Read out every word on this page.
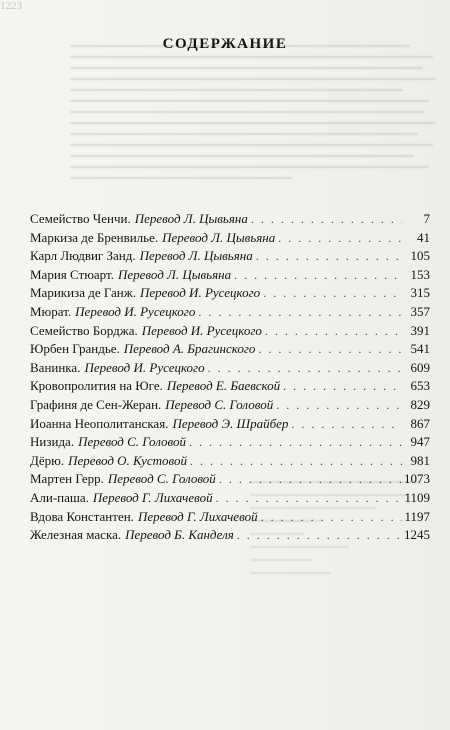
1223
СОДЕРЖАНИЕ
Семейство Ченчи. Перевод Л. Цывьяна . . .	7
Маркиза де Бренвилье. Перевод Л. Цывьяна . . .	41
Карл Людвиг Занд. Перевод Л. Цывьяна . . .	105
Мария Стюарт. Перевод Л. Цывьяна . . .	153
Марикиза де Ганж. Перевод И. Русецкого . . .	315
Мюрат. Перевод И. Русецкого . . .	357
Семейство Борджа. Перевод И. Русецкого . . .	391
Юрбен Грандье. Перевод А. Брагинского . . .	541
Ванинка. Перевод И. Русецкого . . .	609
Кровопролития на Юге. Перевод Е. Баевской . . .	653
Графиня де Сен-Жеран. Перевод С. Головой . . .	829
Иоанна Неополитанская. Перевод Э. Шрайбер . . .	867
Низида. Перевод С. Головой . . .	947
Дёрю. Перевод О. Кустовой . . .	981
Мартен Герр. Перевод С. Головой . . .	1073
Али-паша. Перевод Г. Лихачевой . . .	1109
Вдова Константен. Перевод Г. Лихачевой . . .	1197
Железная маска. Перевод Б. Канделя . . .	1245
